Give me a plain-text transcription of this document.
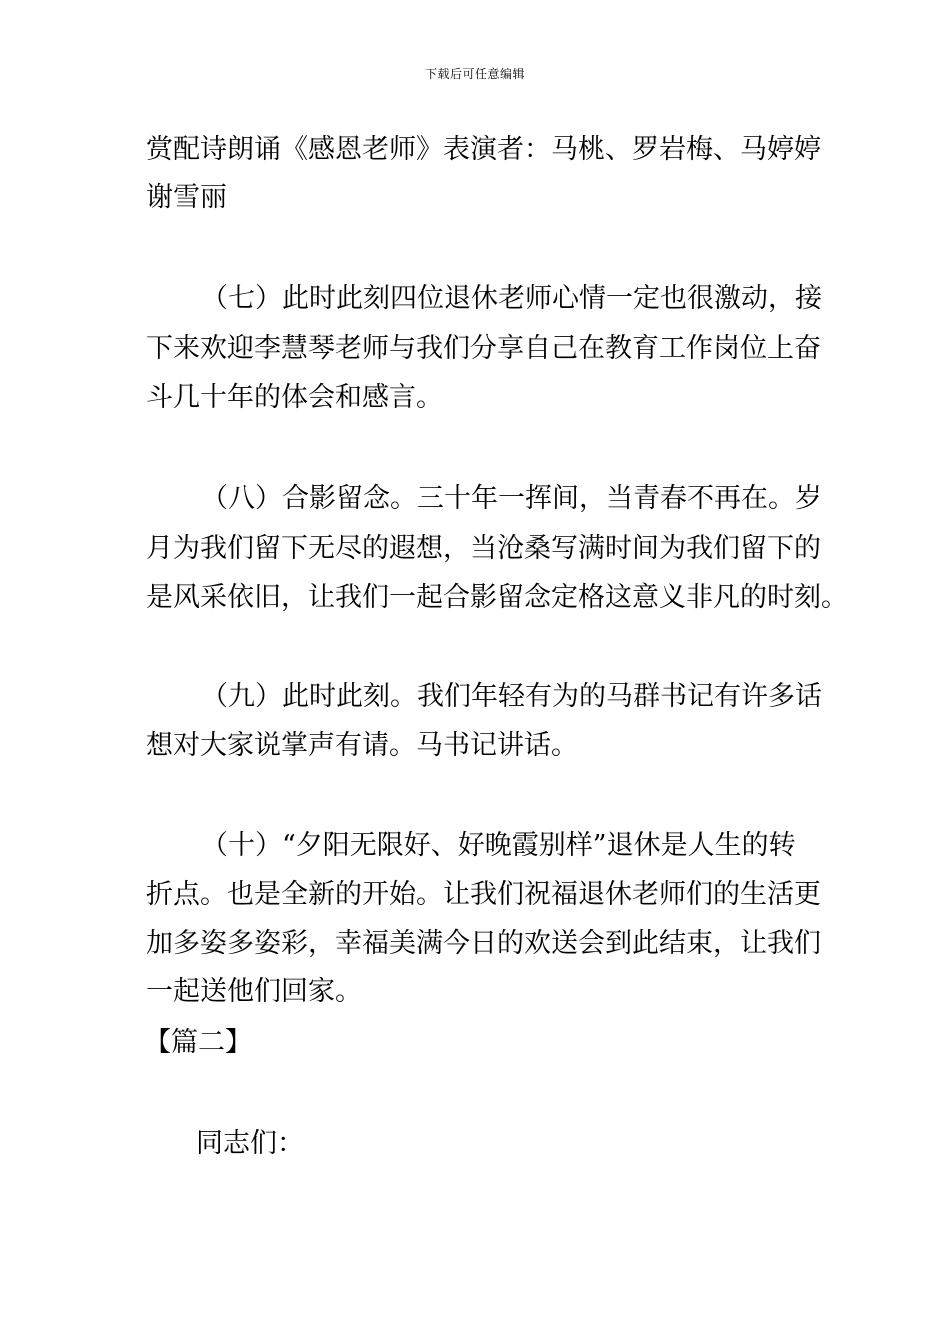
下载后可任意编辑
赏配诗朗诵《感恩老师》表演者：马桃、罗岩梅、马婷婷
谢雪丽
（七）此时此刻四位退休老师心情一定也很激动，接
下来欢迎李慧琴老师与我们分享自己在教育工作岗位上奋
斗几十年的体会和感言。
（八）合影留念。三十年一挥间，当青春不再在。岁
月为我们留下无尽的遐想，当沧桑写满时间为我们留下的
是风采依旧，让我们一起合影留念定格这意义非凡的时刻。
（九）此时此刻。我们年轻有为的马群书记有许多话
想对大家说掌声有请。马书记讲话。
（十）“夕阳无限好、好晚霞别样”退休是人生的转
折点。也是全新的开始。让我们祝福退休老师们的生活更
加多姿多姿彩，幸福美满今日的欢送会到此结束，让我们
一起送他们回家。
【篇二】
同志们：
